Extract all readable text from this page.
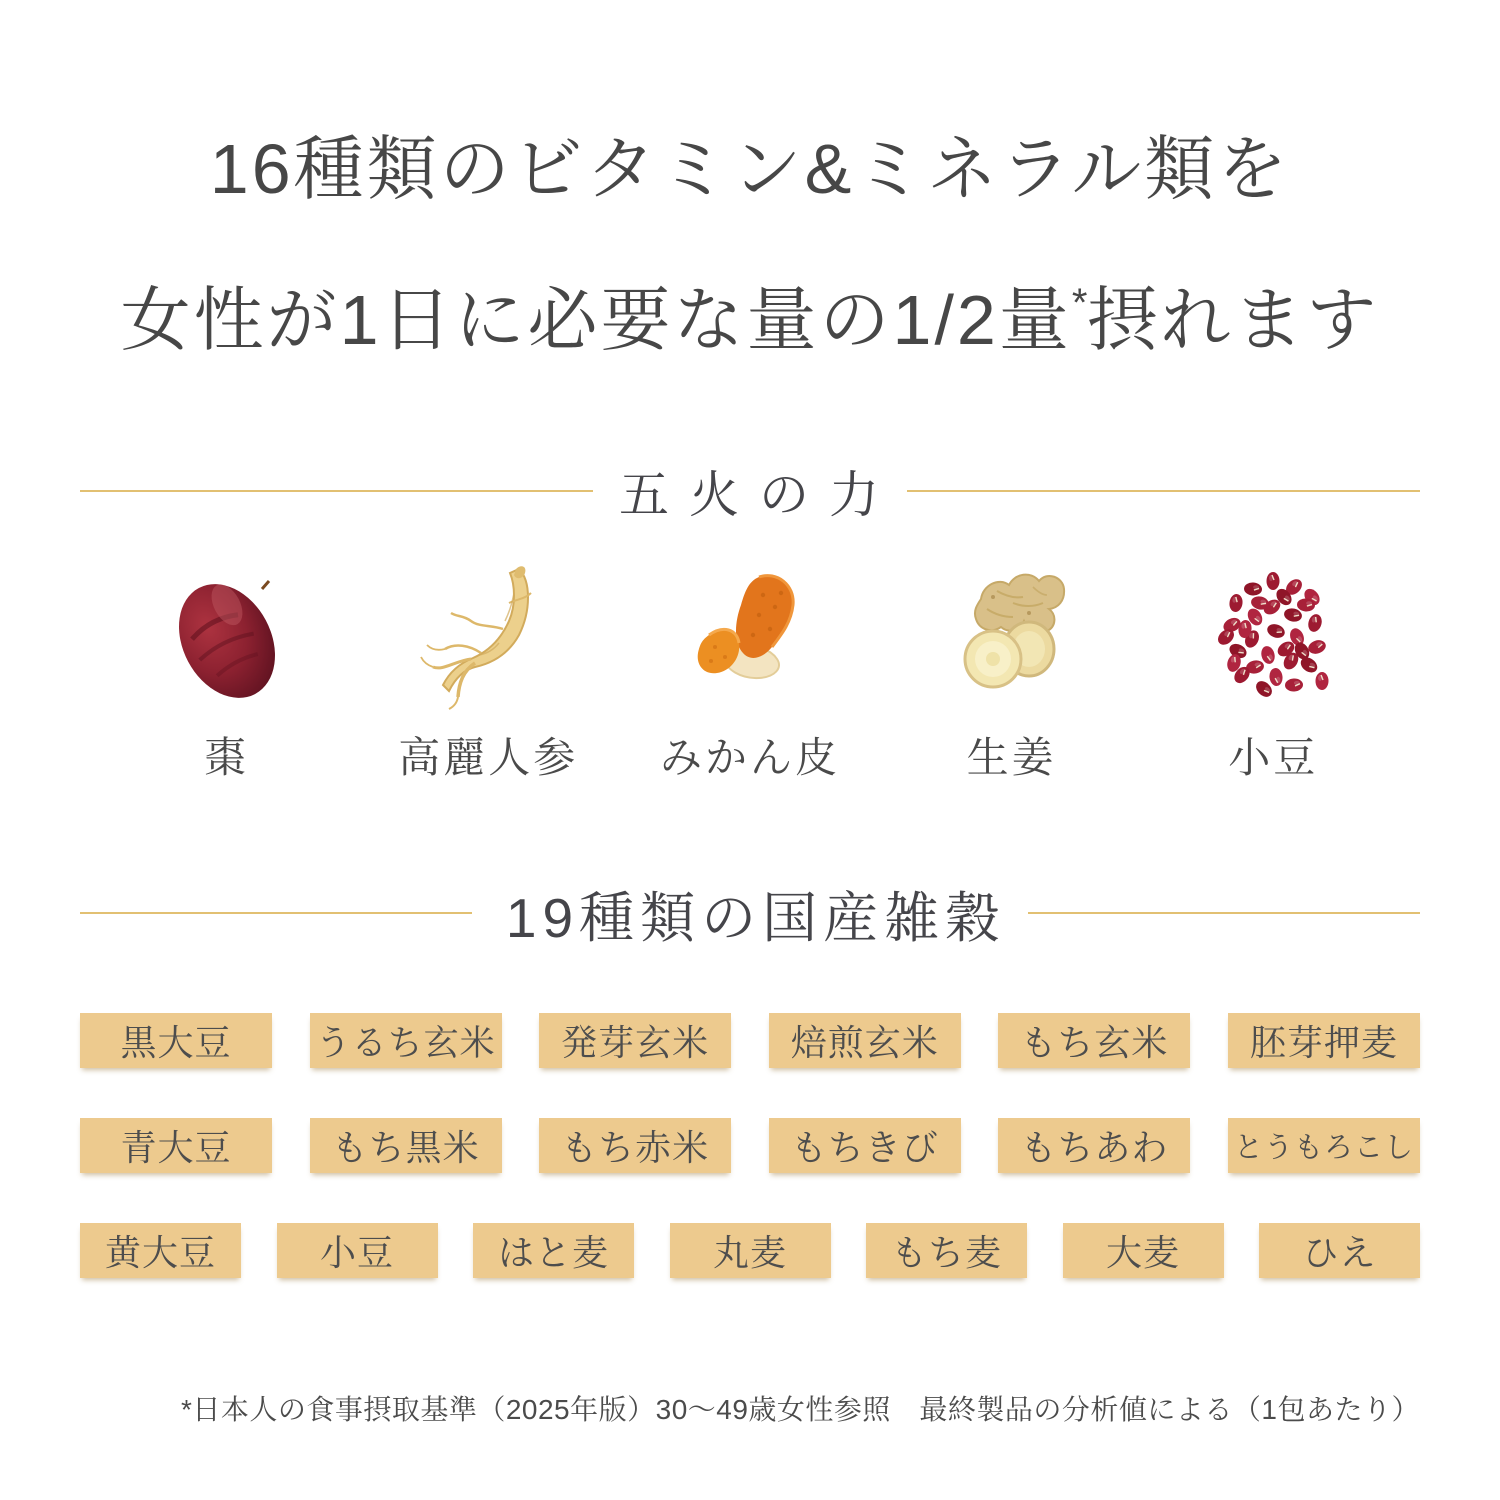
16種類のビタミン&ミネラル類を
女性が1日に必要な量の1/2量*摂れます
五火の力
棗	高麗人参 みかん皮	生姜	小豆
19種類の国産雑穀
黒大豆 うるち玄米 発芽玄米 焙煎玄米 もち玄米 胚芽押麦
青大豆	もち黒米 もち赤米 もちきび もちあわ とうもろこし
黄大豆	小豆	はと麦	丸麦	もち麦	大麦	ひえ
*日本人の食事摂取基準（2025年版）30〜49歳女性参照　最終製品の分析値による（1包あたり）
